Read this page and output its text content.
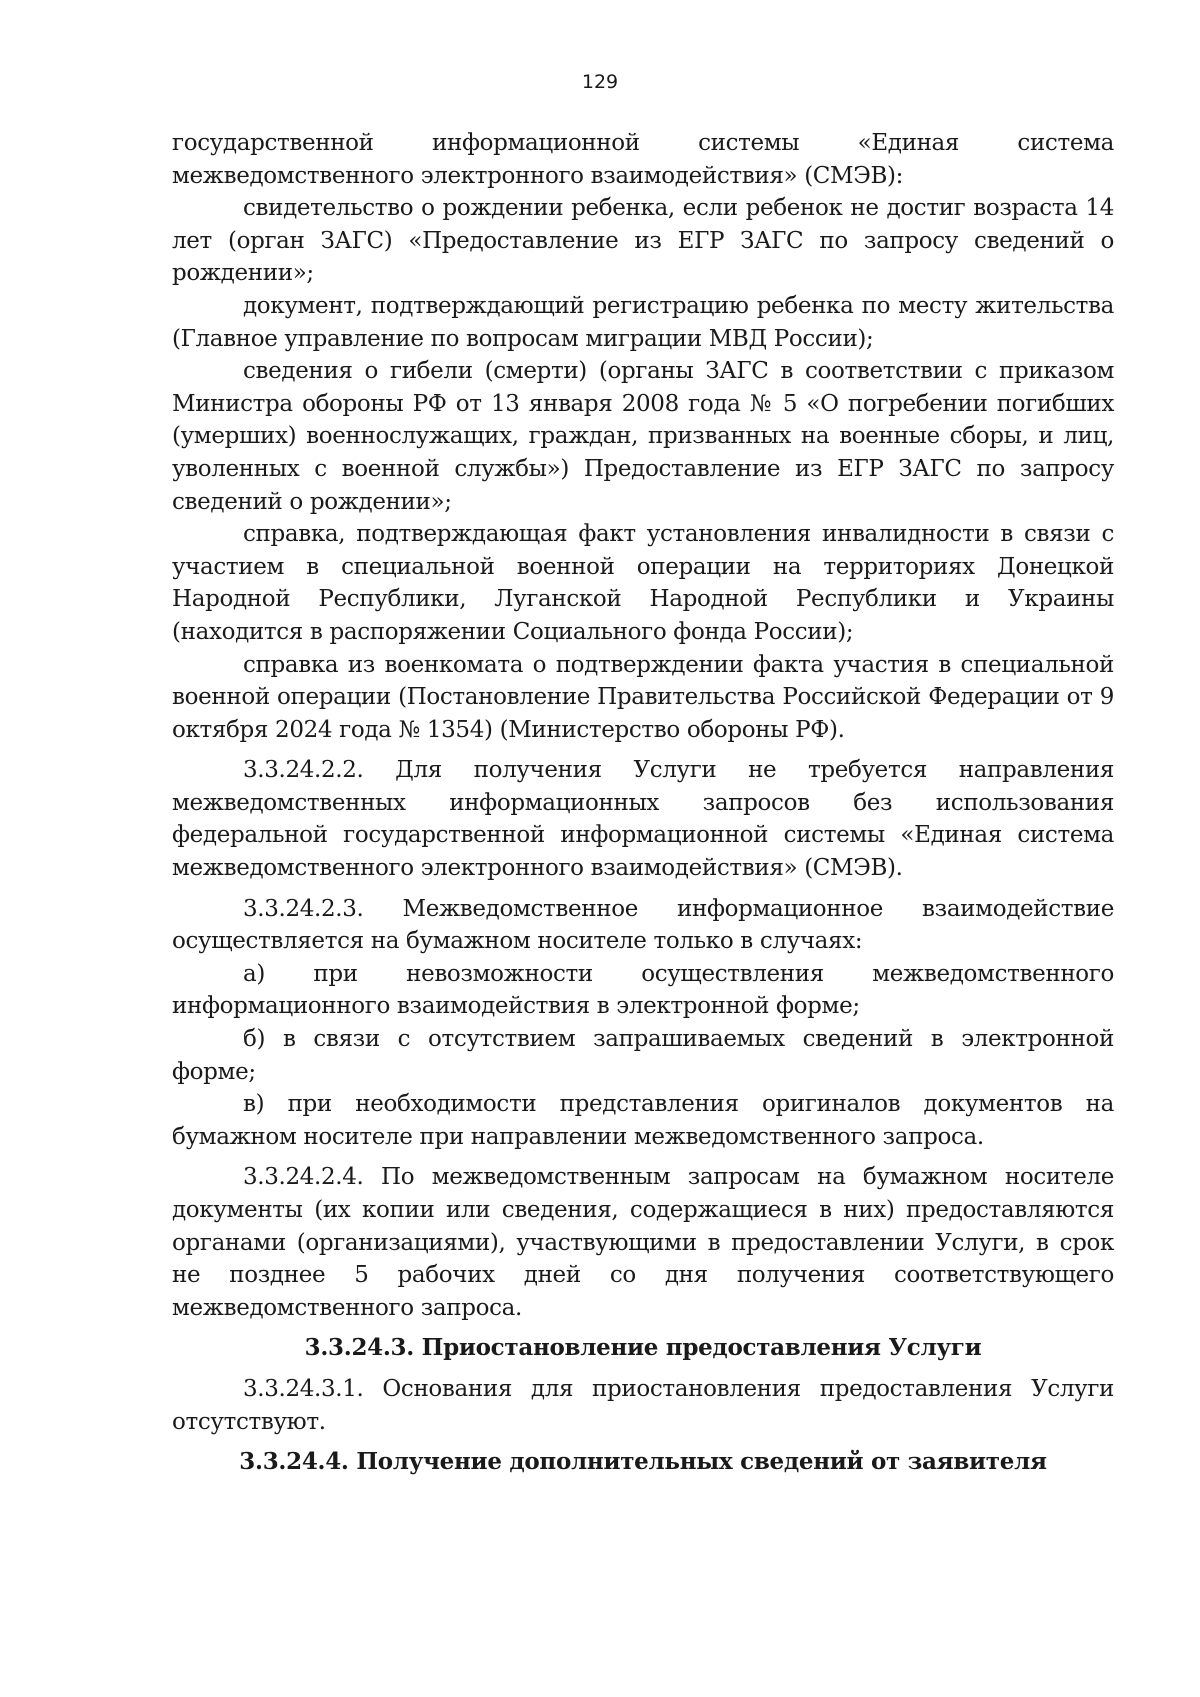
129

государственной информационной системы «Единая система межведомственного электронного взаимодействия» (СМЭВ):

свидетельство о рождении ребенка, если ребенок не достиг возраста 14 лет (орган ЗАГС) «Предоставление из ЕГР ЗАГС по запросу сведений о рождении»;

документ, подтверждающий регистрацию ребенка по месту жительства (Главное управление по вопросам миграции МВД России);

сведения о гибели (смерти) (органы ЗАГС в соответствии с приказом Министра обороны РФ от 13 января 2008 года № 5 «О погребении погибших (умерших) военнослужащих, граждан, призванных на военные сборы, и лиц, уволенных с военной службы») Предоставление из ЕГР ЗАГС по запросу сведений о рождении»;

справка, подтверждающая факт установления инвалидности в связи с участием в специальной военной операции на территориях Донецкой Народной Республики, Луганской Народной Республики и Украины (находится в распоряжении Социального фонда России);

справка из военкомата о подтверждении факта участия в специальной военной операции (Постановление Правительства Российской Федерации от 9 октября 2024 года № 1354) (Министерство обороны РФ).

3.3.24.2.2. Для получения Услуги не требуется направления межведомственных информационных запросов без использования федеральной государственной информационной системы «Единая система межведомственного электронного взаимодействия» (СМЭВ).

3.3.24.2.3. Межведомственное информационное взаимодействие осуществляется на бумажном носителе только в случаях:

а) при невозможности осуществления межведомственного информационного взаимодействия в электронной форме;

б) в связи с отсутствием запрашиваемых сведений в электронной форме;

в) при необходимости представления оригиналов документов на бумажном носителе при направлении межведомственного запроса.

3.3.24.2.4. По межведомственным запросам на бумажном носителе документы (их копии или сведения, содержащиеся в них) предоставляются органами (организациями), участвующими в предоставлении Услуги, в срок не позднее 5 рабочих дней со дня получения соответствующего межведомственного запроса.

3.3.24.3. Приостановление предоставления Услуги

3.3.24.3.1. Основания для приостановления предоставления Услуги отсутствуют.

3.3.24.4. Получение дополнительных сведений от заявителя
